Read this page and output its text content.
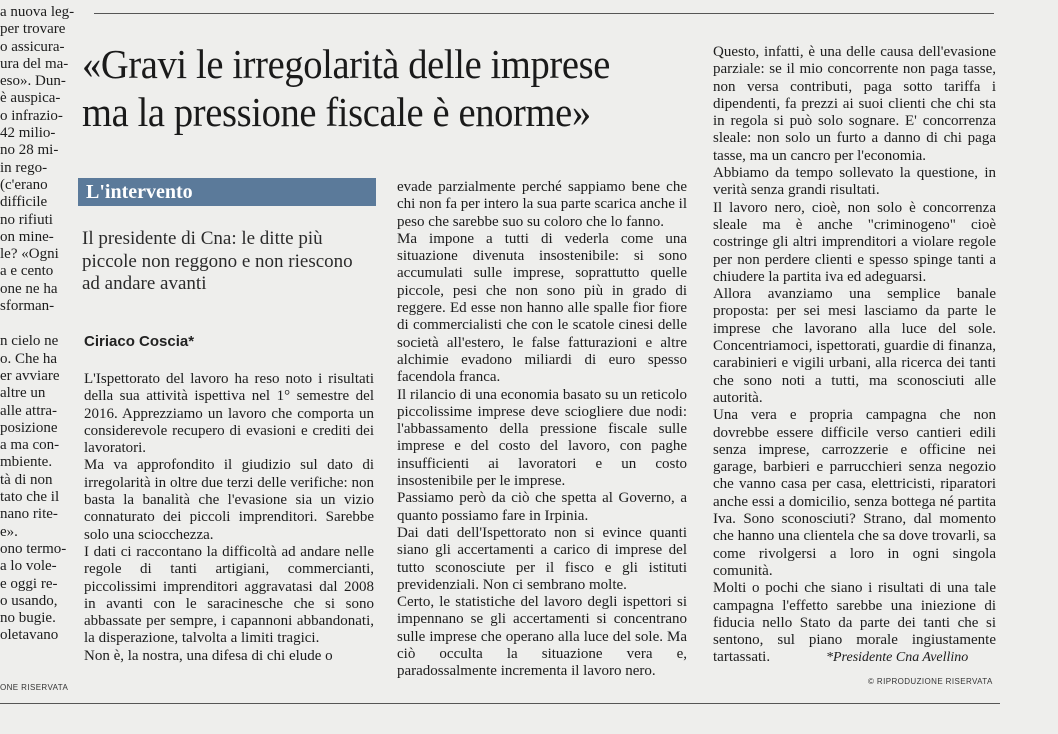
a nuova leg-
per trovare
o assicura-
ura del ma-
eso». Dun-
è auspica-
o infrazio-
42 milio-
no 28 mi-
in rego-
(c'erano
difficile
no rifiuti
on mine-
le? «Ogni
a e cento
one ne ha
sforman-
n cielo ne
o. Che ha
er avviare
altre un
alle attra-
posizione
a ma con-
mbiente.
tà di non
tato che il
nano rite-
e».
ono termo-
a lo vole-
e oggi re-
o usando,
no bugie.
oletavano
ONE RISERVATA
«Gravi le irregolarità delle imprese ma la pressione fiscale è enorme»
L'intervento
Il presidente di Cna: le ditte più piccole non reggono e non riescono ad andare avanti
Ciriaco Coscia*

L'Ispettorato del lavoro ha reso noto i risultati della sua attività ispettiva nel 1° semestre del 2016. Apprezziamo un lavoro che comporta un considerevole recupero di evasioni e crediti dei lavoratori.

Ma va approfondito il giudizio sul dato di irregolarità in oltre due terzi delle verifiche: non basta la banalità che l'evasione sia un vizio connaturato dei piccoli imprenditori. Sarebbe solo una sciocchezza.

I dati ci raccontano la difficoltà ad andare nelle regole di tanti artigiani, commercianti, piccolissimi imprenditori aggravatasi dal 2008 in avanti con le saracinesche che si sono abbassate per sempre, i capannoni abbandonati, la disperazione, talvolta a limiti tragici.

Non è, la nostra, una difesa di chi elude o

evade parzialmente perché sappiamo bene che chi non fa per intero la sua parte scarica anche il peso che sarebbe suo su coloro che lo fanno.

Ma impone a tutti di vederla come una situazione divenuta insostenibile: si sono accumulati sulle imprese, soprattutto quelle piccole, pesi che non sono più in grado di reggere. Ed esse non hanno alle spalle fior fiore di commercialisti che con le scatole cinesi delle società all'estero, le false fatturazioni e altre alchimie evadono miliardi di euro spesso facendola franca.

Il rilancio di una economia basato su un reticolo piccolissime imprese deve sciogliere due nodi: l'abbassamento della pressione fiscale sulle imprese e del costo del lavoro, con paghe insufficienti ai lavoratori e un costo insostenibile per le imprese.

Passiamo però da ciò che spetta al Governo, a quanto possiamo fare in Irpinia.

Dai dati dell'Ispettorato non si evince quanti siano gli accertamenti a carico di imprese del tutto sconosciute per il fisco e gli istituti previdenziali. Non ci sembrano molte.

Certo, le statistiche del lavoro degli ispettori si impennano se gli accertamenti si concentrano sulle imprese che operano alla luce del sole. Ma ciò occulta la situazione vera e, paradossalmente incrementa il lavoro nero.

Questo, infatti, è una delle causa dell'evasione parziale: se il mio concorrente non paga tasse, non versa contributi, paga sotto tariffa i dipendenti, fa prezzi ai suoi clienti che chi sta in regola si può solo sognare. E' concorrenza sleale: non solo un furto a danno di chi paga tasse, ma un cancro per l'economia.

Abbiamo da tempo sollevato la questione, in verità senza grandi risultati.

Il lavoro nero, cioè, non solo è concorrenza sleale ma è anche "criminogeno" cioè costringe gli altri imprenditori a violare regole per non perdere clienti e spesso spinge tanti a chiudere la partita iva ed adeguarsi.

Allora avanziamo una semplice banale proposta: per sei mesi lasciamo da parte le imprese che lavorano alla luce del sole. Concentriamoci, ispettorati, guardie di finanza, carabinieri e vigili urbani, alla ricerca dei tanti che sono noti a tutti, ma sconosciuti alle autorità.

Una vera e propria campagna che non dovrebbe essere difficile verso cantieri edili senza imprese, carrozzerie e officine nei garage, barbieri e parrucchieri senza negozio che vanno casa per casa, elettricisti, riparatori anche essi a domicilio, senza bottega né partita Iva. Sono sconosciuti? Strano, dal momento che hanno una clientela che sa dove trovarli, sa come rivolgersi a loro in ogni singola comunità.

Molti o pochi che siano i risultati di una tale campagna l'effetto sarebbe una iniezione di fiducia nello Stato da parte dei tanti che si sentono, sul piano morale ingiustamente tartassati.	*Presidente Cna Avellino
© RIPRODUZIONE RISERVATA
